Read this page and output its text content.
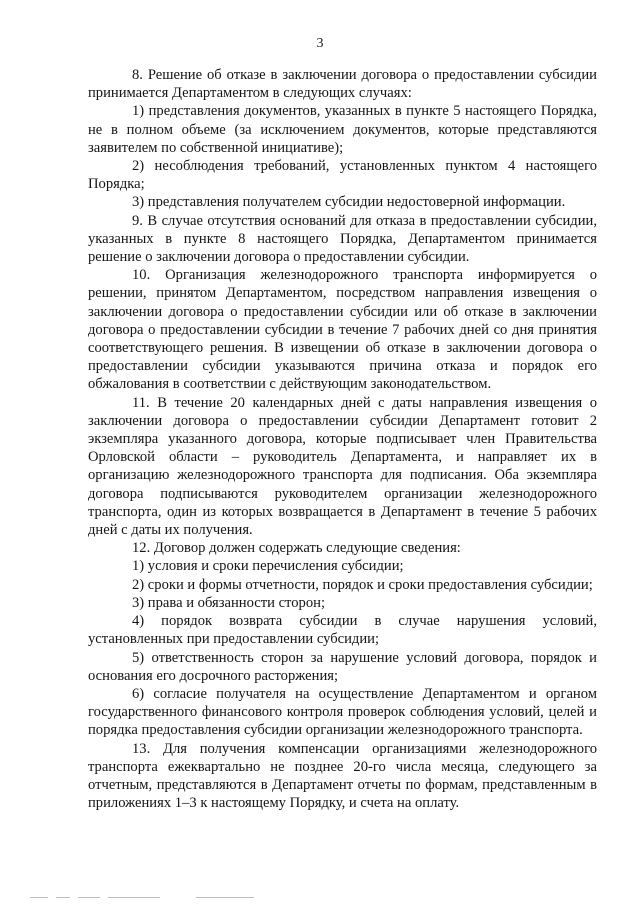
3

8. Решение об отказе в заключении договора о предоставлении субсидии принимается Департаментом в следующих случаях:

1) представления документов, указанных в пункте 5 настоящего Порядка, не в полном объеме (за исключением документов, которые представляются заявителем по собственной инициативе);

2) несоблюдения требований, установленных пунктом 4 настоящего Порядка;

3) представления получателем субсидии недостоверной информации.

9. В случае отсутствия оснований для отказа в предоставлении субсидии, указанных в пункте 8 настоящего Порядка, Департаментом принимается решение о заключении договора о предоставлении субсидии.

10. Организация железнодорожного транспорта информируется о решении, принятом Департаментом, посредством направления извещения о заключении договора о предоставлении субсидии или об отказе в заключении договора о предоставлении субсидии в течение 7 рабочих дней со дня принятия соответствующего решения. В извещении об отказе в заключении договора о предоставлении субсидии указываются причина отказа и порядок его обжалования в соответствии с действующим законодательством.

11. В течение 20 календарных дней с даты направления извещения о заключении договора о предоставлении субсидии Департамент готовит 2 экземпляра указанного договора, которые подписывает член Правительства Орловской области – руководитель Департамента, и направляет их в организацию железнодорожного транспорта для подписания. Оба экземпляра договора подписываются руководителем организации железнодорожного транспорта, один из которых возвращается в Департамент в течение 5 рабочих дней с даты их получения.

12. Договор должен содержать следующие сведения:

1) условия и сроки перечисления субсидии;

2) сроки и формы отчетности, порядок и сроки предоставления субсидии;

3) права и обязанности сторон;

4) порядок возврата субсидии в случае нарушения условий, установленных при предоставлении субсидии;

5) ответственность сторон за нарушение условий договора, порядок и основания его досрочного расторжения;

6) согласие получателя на осуществление Департаментом и органом государственного финансового контроля проверок соблюдения условий, целей и порядка предоставления субсидии организации железнодорожного транспорта.

13. Для получения компенсации организациями железнодорожного транспорта ежеквартально не позднее 20-го числа месяца, следующего за отчетным, представляются в Департамент отчеты по формам, представленным в приложениях 1–3 к настоящему Порядку, и счета на оплату.
